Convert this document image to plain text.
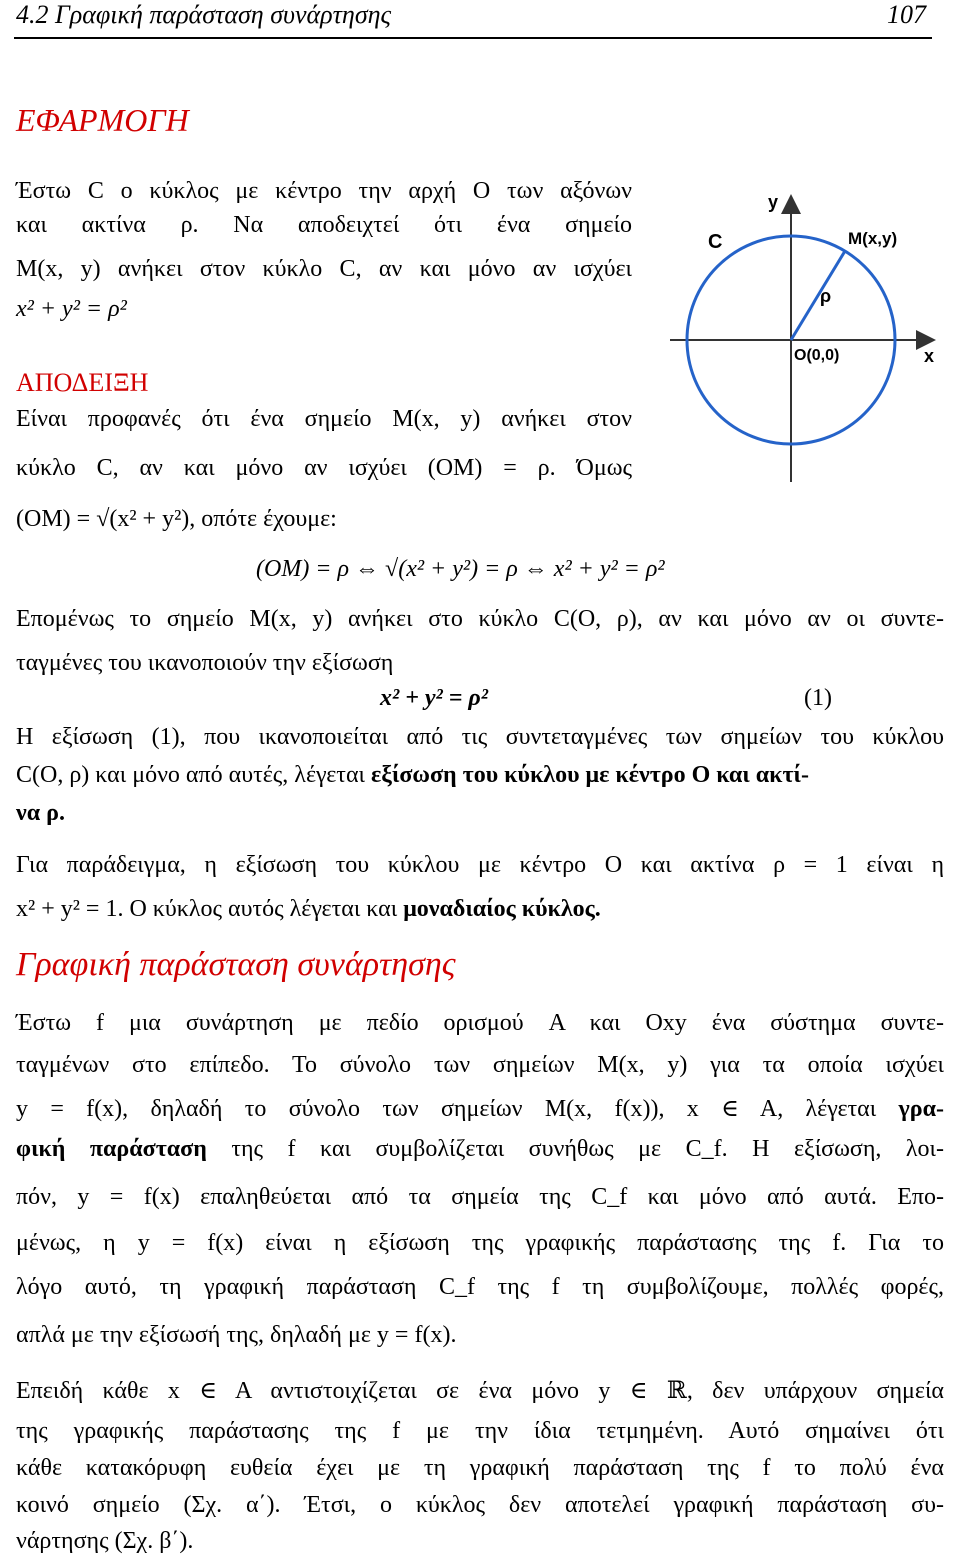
4.2 Γραφική παράσταση συνάρτησης	107
ΕΦΑΡΜΟΓΗ
Έστω C ο κύκλος με κέντρο την αρχή O των αξόνων
και ακτίνα ρ. Να αποδειχτεί ότι ένα σημείο
M(x, y) ανήκει στον κύκλο C, αν και μόνο αν ισχύει
x² + y² = ρ²
ΑΠΟΔΕΙΞΗ
Είναι προφανές ότι ένα σημείο M(x, y) ανήκει στον
κύκλο C, αν και μόνο αν ισχύει (OM) = ρ. Όμως
(OM) = √(x² + y²), οπότε έχουμε:
(OM) = ρ ⇔ √(x² + y²) = ρ ⇔ x² + y² = ρ²
Επομένως το σημείο M(x, y) ανήκει στο κύκλο C(O, ρ), αν και μόνο αν οι συντε-
ταγμένες του ικανοποιούν την εξίσωση
x² + y² = ρ²	(1)
Η εξίσωση (1), που ικανοποιείται από τις συντεταγμένες των σημείων του κύκλου
C(O, ρ) και μόνο από αυτές, λέγεται εξίσωση του κύκλου με κέντρο O και ακτί-
να ρ.
Για παράδειγμα, η εξίσωση του κύκλου με κέντρο O και ακτίνα ρ = 1 είναι η
x² + y² = 1. O κύκλος αυτός λέγεται και μοναδιαίος κύκλος.
Γραφική παράσταση συνάρτησης
Έστω f μια συνάρτηση με πεδίο ορισμού A και Oxy ένα σύστημα συντε-
ταγμένων στο επίπεδο. Το σύνολο των σημείων M(x, y) για τα οποία ισχύει
y = f(x), δηλαδή το σύνολο των σημείων M(x, f(x)), x ∈ A, λέγεται γρα-
φική παράσταση της f και συμβολίζεται συνήθως με C_f. Η εξίσωση, λοι-
πόν, y = f(x) επαληθεύεται από τα σημεία της C_f και μόνο από αυτά. Επο-
μένως, η y = f(x) είναι η εξίσωση της γραφικής παράστασης της f. Για το
λόγο αυτό, τη γραφική παράσταση C_f της f τη συμβολίζουμε, πολλές φορές,
απλά με την εξίσωσή της, δηλαδή με y = f(x).
Επειδή κάθε x ∈ A αντιστοιχίζεται σε ένα μόνο y ∈ ℝ, δεν υπάρχουν σημεία
της γραφικής παράστασης της f με την ίδια τετμημένη. Αυτό σημαίνει ότι
κάθε κατακόρυφη ευθεία έχει με τη γραφική παράσταση της f το πολύ ένα
κοινό σημείο (Σχ. α΄). Έτσι, ο κύκλος δεν αποτελεί γραφική παράσταση συ-
νάρτησης (Σχ. β΄).
C
y
x
M(x,y)
ρ
O(0,0)
